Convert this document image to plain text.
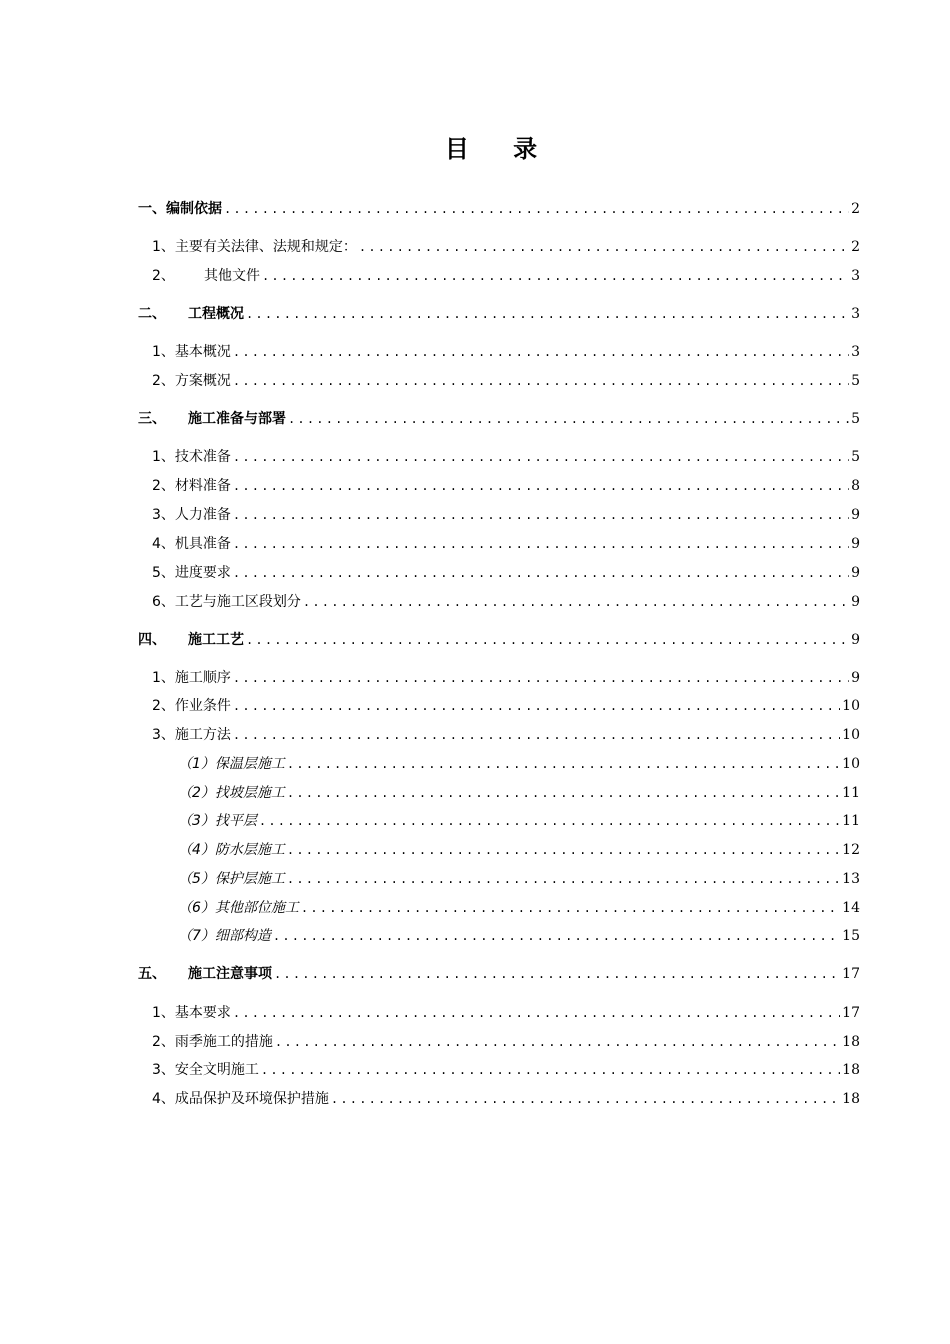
目 录
一、 编制依据 .....	2
1、 主要有关法律、法规和规定： .....	2
2、	其他文件 .....	3
二、	工程概况 .....	3
1、 基本概况 .....	3
2、 方案概况 .....	5
三、	施工准备与部署 .....	5
1、 技术准备 .....	5
2、 材料准备 .....	8
3、 人力准备 .....	9
4、 机具准备 .....	9
5、 进度要求 .....	9
6、 工艺与施工区段划分 .....	9
四、	施工工艺 .....	9
1、 施工顺序 .....	9
2、 作业条件 .....	10
3、 施工方法 .....	10
（1） 保温层施工 .....	10
（2） 找坡层施工 .....	11
（3） 找平层 .....	11
（4） 防水层施工 .....	12
（5） 保护层施工 .....	13
（6） 其他部位施工 .....	14
（7） 细部构造 .....	15
五、	施工注意事项 .....	17
1、 基本要求 .....	17
2、 雨季施工的措施 .....	18
3、 安全文明施工 .....	18
4、 成品保护及环境保护措施 .....	18
